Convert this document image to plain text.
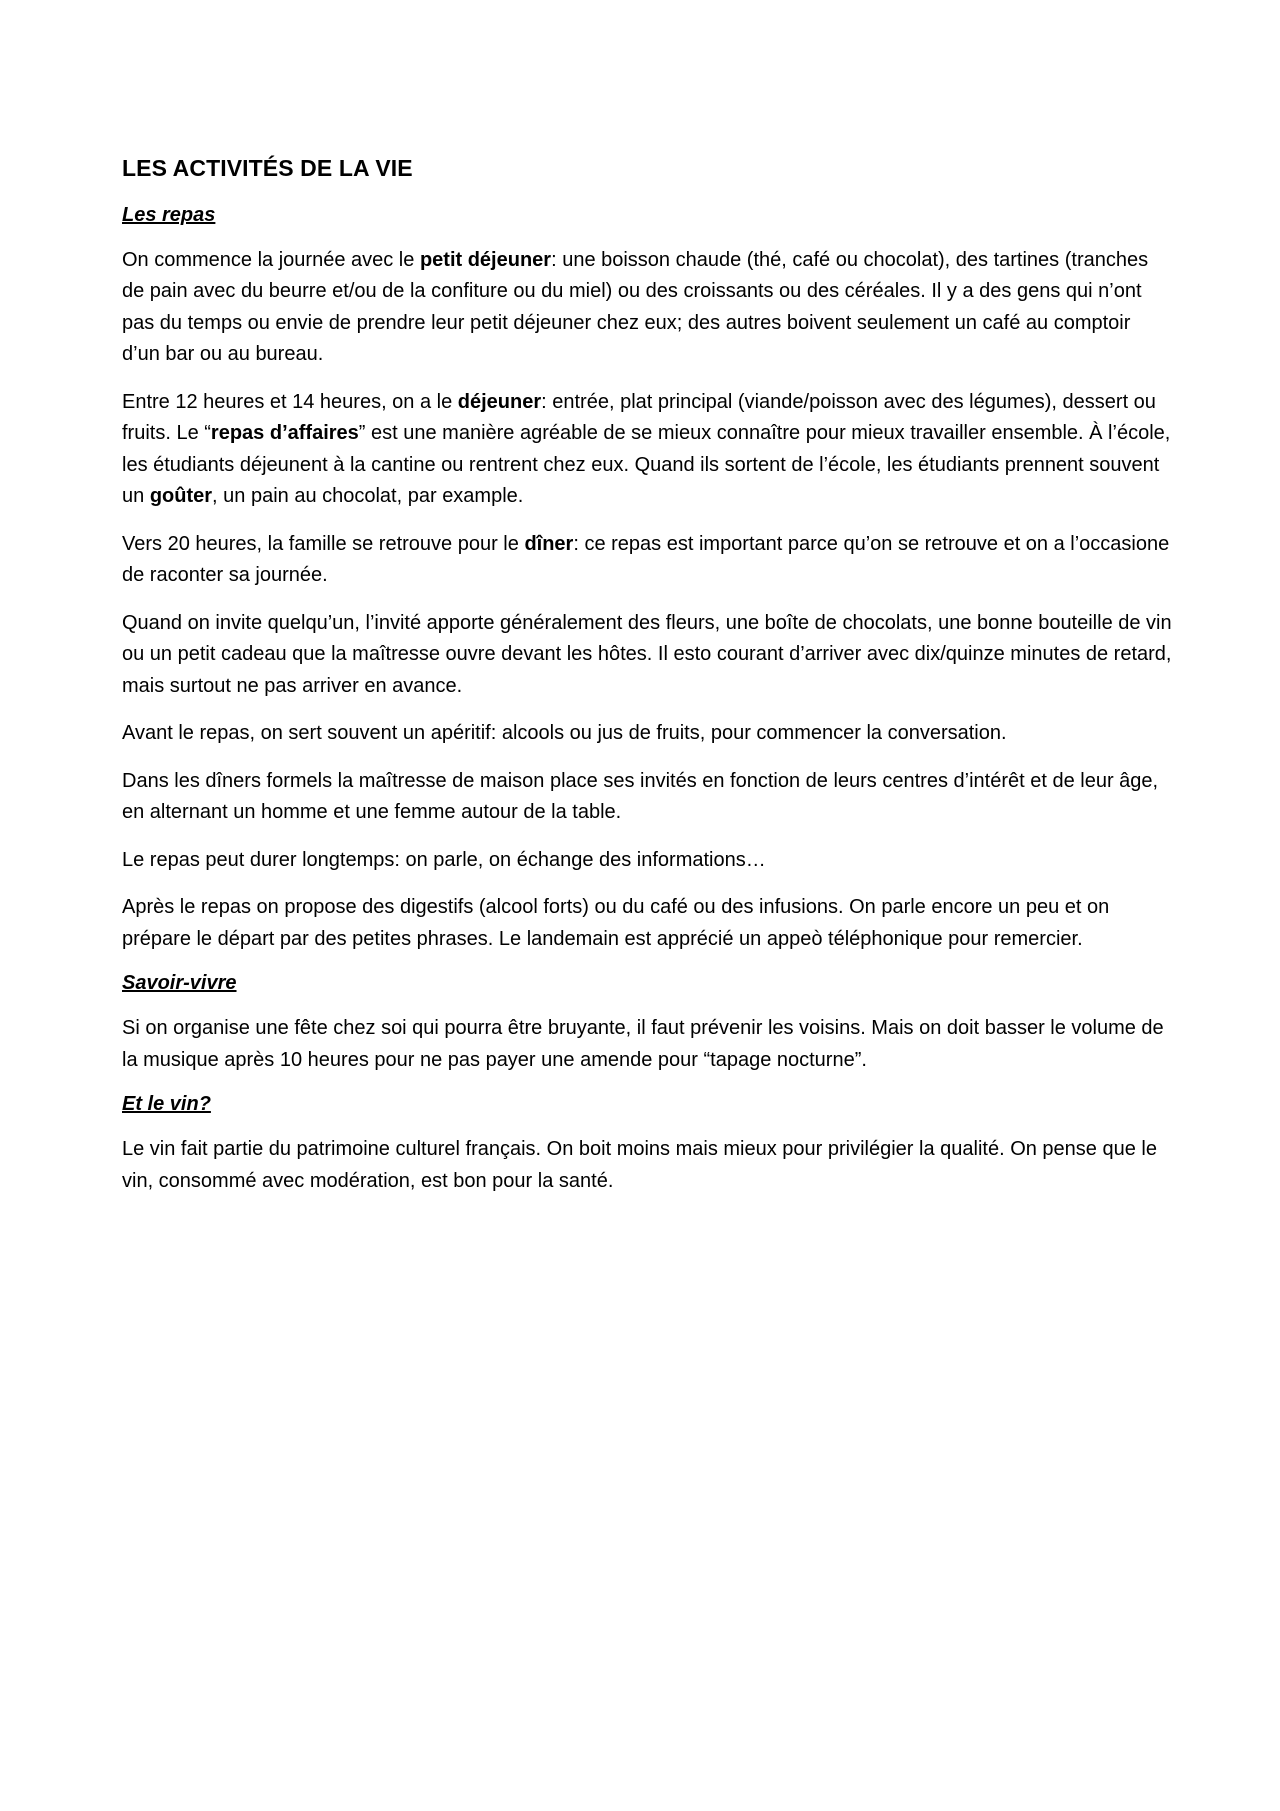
LES ACTIVITÉS DE LA VIE
Les repas

On commence la journée avec le petit déjeuner: une boisson chaude (thé, café ou chocolat), des tartines (tranches de pain avec du beurre et/ou de la confiture ou du miel) ou des croissants ou des céréales. Il y a des gens qui n’ont pas du temps ou envie de prendre leur petit déjeuner chez eux; des autres boivent seulement un café au comptoir d’un bar ou au bureau.

Entre 12 heures et 14 heures, on a le déjeuner: entrée, plat principal (viande/poisson avec des légumes), dessert ou fruits. Le “repas d’affaires” est une manière agréable de se mieux connaître pour mieux travailler ensemble. À l’école, les étudiants déjeunent à la cantine ou rentrent chez eux. Quand ils sortent de l’école, les étudiants prennent souvent un goûter, un pain au chocolat, par example.

Vers 20 heures, la famille se retrouve pour le dîner: ce repas est important parce qu’on se retrouve et on a l’occasione de raconter sa journée.

Quand on invite quelqu’un, l’invité apporte généralement des fleurs, une boîte de chocolats, une bonne bouteille de vin ou un petit cadeau que la maîtresse ouvre devant les hôtes. Il esto courant d’arriver avec dix/quinze minutes de retard, mais surtout ne pas arriver en avance.

Avant le repas, on sert souvent un apéritif: alcools ou jus de fruits, pour commencer la conversation.

Dans les dîners formels la maîtresse de maison place ses invités en fonction de leurs centres d’intérêt et de leur âge, en alternant un homme et une femme autour de la table.

Le repas peut durer longtemps: on parle, on échange des informations…

Après le repas on propose des digestifs (alcool forts) ou du café ou des infusions. On parle encore un peu et on prépare le départ par des petites phrases. Le landemain est apprécié un appeò téléphonique pour remercier.

Savoir-vivre

Si on organise une fête chez soi qui pourra être bruyante, il faut prévenir les voisins. Mais on doit basser le volume de la musique après 10 heures pour ne pas payer une amende pour “tapage nocturne”.

Et le vin?

Le vin fait partie du patrimoine culturel français. On boit moins mais mieux pour privilégier la qualité. On pense que le vin, consommé avec modération, est bon pour la santé.
